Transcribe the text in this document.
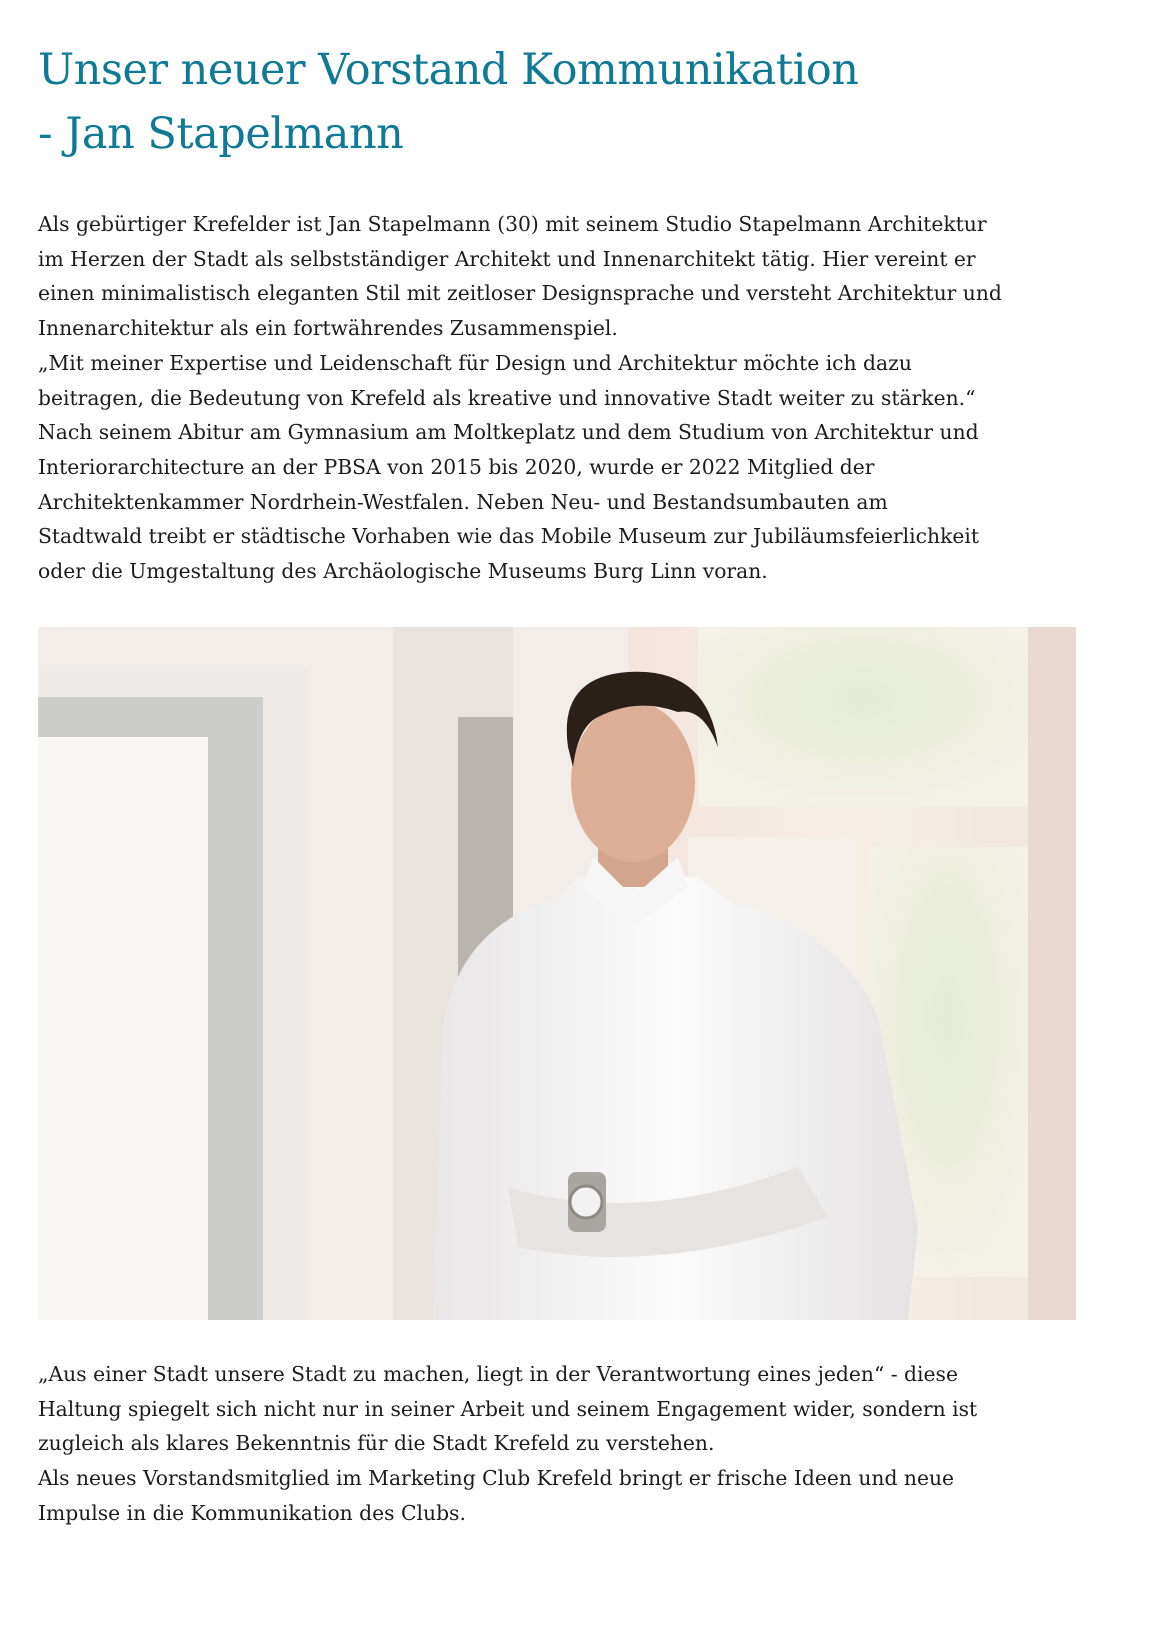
Unser neuer Vorstand Kommunikation
- Jan Stapelmann

Als gebürtiger Krefelder ist Jan Stapelmann (30) mit seinem Studio Stapelmann Architektur
im Herzen der Stadt als selbstständiger Architekt und Innenarchitekt tätig. Hier vereint er
einen minimalistisch eleganten Stil mit zeitloser Designsprache und versteht Architektur und
Innenarchitektur als ein fortwährendes Zusammenspiel.
„Mit meiner Expertise und Leidenschaft für Design und Architektur möchte ich dazu
beitragen, die Bedeutung von Krefeld als kreative und innovative Stadt weiter zu stärken.“
Nach seinem Abitur am Gymnasium am Moltkeplatz und dem Studium von Architektur und
Interiorarchitecture an der PBSA von 2015 bis 2020, wurde er 2022 Mitglied der
Architektenkammer Nordrhein-Westfalen. Neben Neu- und Bestandsumbauten am
Stadtwald treibt er städtische Vorhaben wie das Mobile Museum zur Jubiläumsfeierlichkeit
oder die Umgestaltung des Archäologische Museums Burg Linn voran.

„Aus einer Stadt unsere Stadt zu machen, liegt in der Verantwortung eines jeden“ - diese
Haltung spiegelt sich nicht nur in seiner Arbeit und seinem Engagement wider, sondern ist
zugleich als klares Bekenntnis für die Stadt Krefeld zu verstehen.
Als neues Vorstandsmitglied im Marketing Club Krefeld bringt er frische Ideen und neue
Impulse in die Kommunikation des Clubs.
